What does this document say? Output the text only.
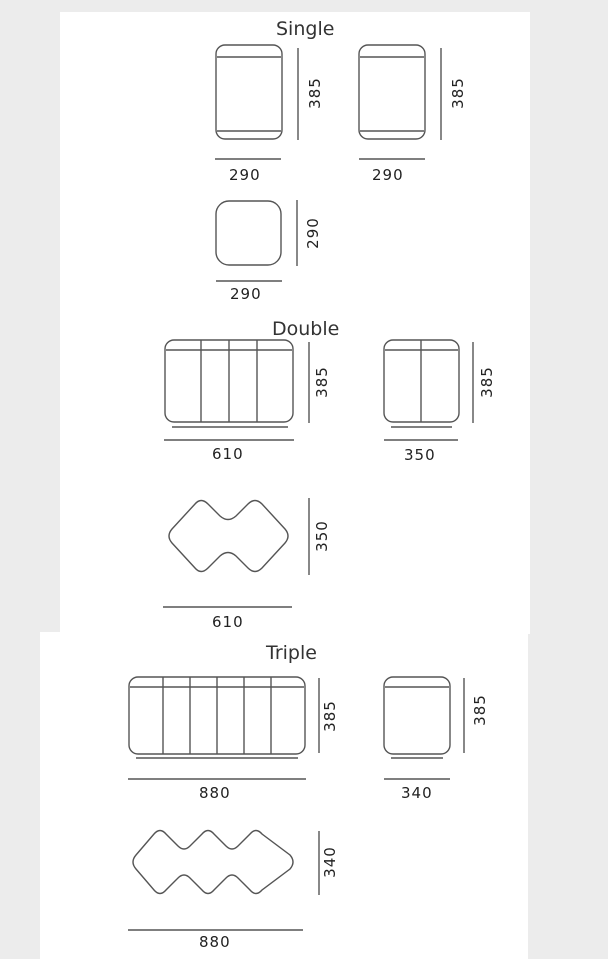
Single
Double
Triple
385
290
385
290
290
290
385
610
385
350
350
610
385
880
385
340
340
880
